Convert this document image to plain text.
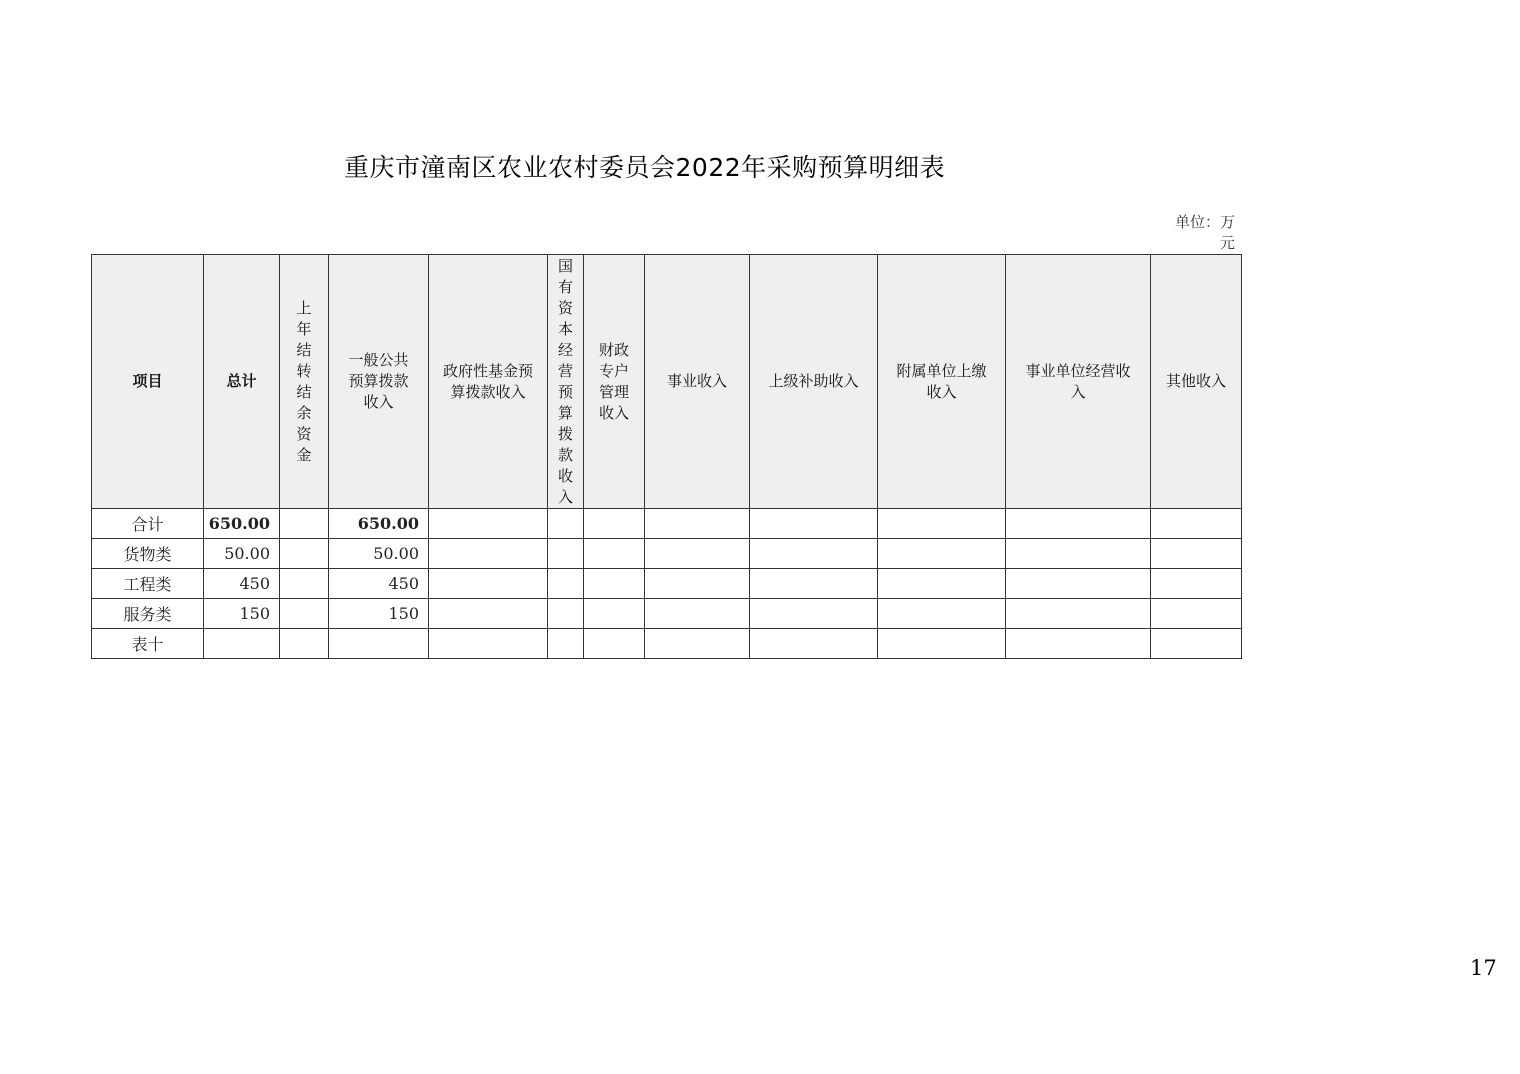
重庆市潼南区农业农村委员会2022年采购预算明细表
单位：万元
项目	总计	上年结转结余资金	一般公共预算拨款收入	政府性基金预算拨款收入	国有资本经营预算拨款收入	财政专户管理收入	事业收入	上级补助收入	附属单位上缴收入	事业单位经营收入	其他收入
合计	650.00		650.00								
货物类	50.00		50.00								
工程类	450		450								
服务类	150		150								
表十											
17
